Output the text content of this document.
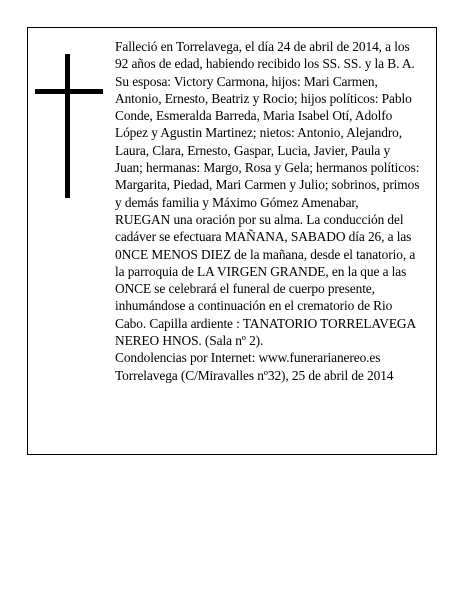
Falleció en Torrelavega, el día 24 de abril de 2014, a los 92 años de edad, habiendo recibido los SS. SS. y la B. A.

Su esposa: Victory Carmona, hijos: Mari Carmen, Antonio, Ernesto, Beatriz y Rocio; hijos políticos: Pablo Conde, Esmeralda Barreda, Maria Isabel Otí, Adolfo López y Agustin Martinez; nietos: Antonio, Alejandro, Laura, Clara, Ernesto, Gaspar, Lucia, Javier, Paula y Juan; hermanas: Margo, Rosa y Gela; hermanos políticos: Margarita, Piedad, Mari Carmen y Julio; sobrinos, primos y demás familia y Máximo Gómez Amenabar,

RUEGAN una oración por su alma. La conducción del cadáver se efectuara MAÑANA, SABADO día 26, a las 0NCE MENOS DIEZ de la mañana, desde el tanatorio, a la parroquia de LA VIRGEN GRANDE, en la que a las ONCE se celebrará el funeral de cuerpo presente, inhumándose a continuación en el crematorio de Rio Cabo. Capilla ardiente : TANATORIO TORRELAVEGA NEREO HNOS. (Sala nº 2).

Condolencias por Internet: www.funerarianereo.es

Torrelavega (C/Miravalles nº32), 25 de abril de 2014
